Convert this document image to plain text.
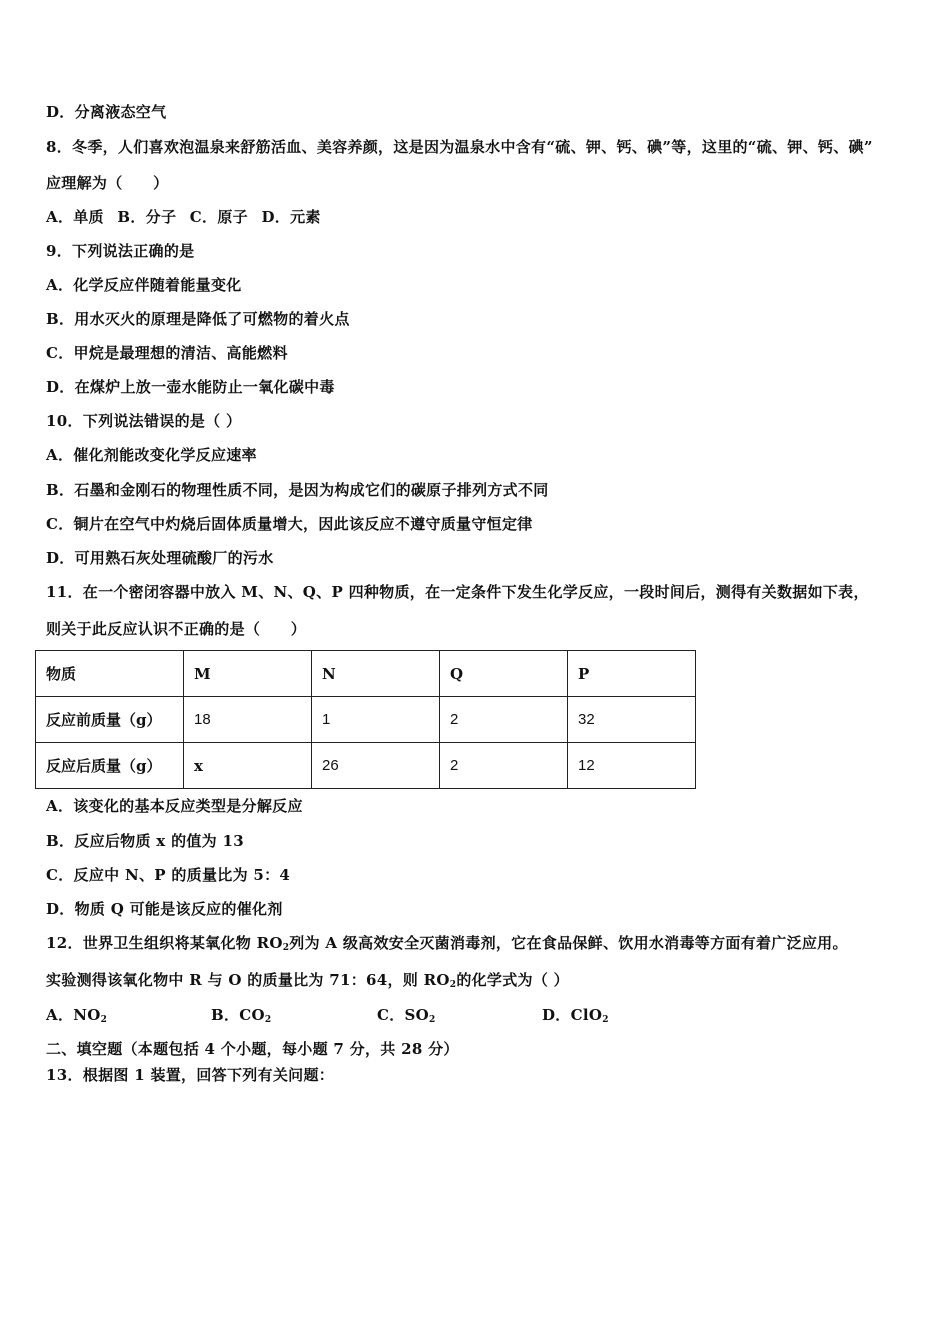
D．分离液态空气
8．冬季，人们喜欢泡温泉来舒筋活血、美容养颜，这是因为温泉水中含有“硫、钾、钙、碘”等，这里的“硫、钾、钙、碘”
应理解为（　　）
A．单质 B．分子 C．原子 D．元素
9．下列说法正确的是
A．化学反应伴随着能量变化
B．用水灭火的原理是降低了可燃物的着火点
C．甲烷是最理想的清洁、高能燃料
D．在煤炉上放一壶水能防止一氧化碳中毒
10．下列说法错误的是（ ）
A．催化剂能改变化学反应速率
B．石墨和金刚石的物理性质不同，是因为构成它们的碳原子排列方式不同
C．铜片在空气中灼烧后固体质量增大，因此该反应不遵守质量守恒定律
D．可用熟石灰处理硫酸厂的污水
11．在一个密闭容器中放入 M、N、Q、P 四种物质，在一定条件下发生化学反应，一段时间后，测得有关数据如下表，
则关于此反应认识不正确的是（　　）
物质	M	N	Q	P
反应前质量（g）	18	1	2	32
反应后质量（g）	x	26	2	12
A．该变化的基本反应类型是分解反应
B．反应后物质 x 的值为 13
C．反应中 N、P 的质量比为 5：4
D．物质 Q 可能是该反应的催化剂
12．世界卫生组织将某氧化物 $RO_2$列为 A 级高效安全灭菌消毒剂，它在食品保鲜、饮用水消毒等方面有着广泛应用。
实验测得该氧化物中 R 与 O 的质量比为 71：64，则 $RO_2$的化学式为（ ）
A．$NO_2$	B．$CO_2$	C．$SO_2$	D．ClO$_2$
二、填空题（本题包括 4 个小题，每小题 7 分，共 28 分）
13．根据图 1 装置，回答下列有关问题：
